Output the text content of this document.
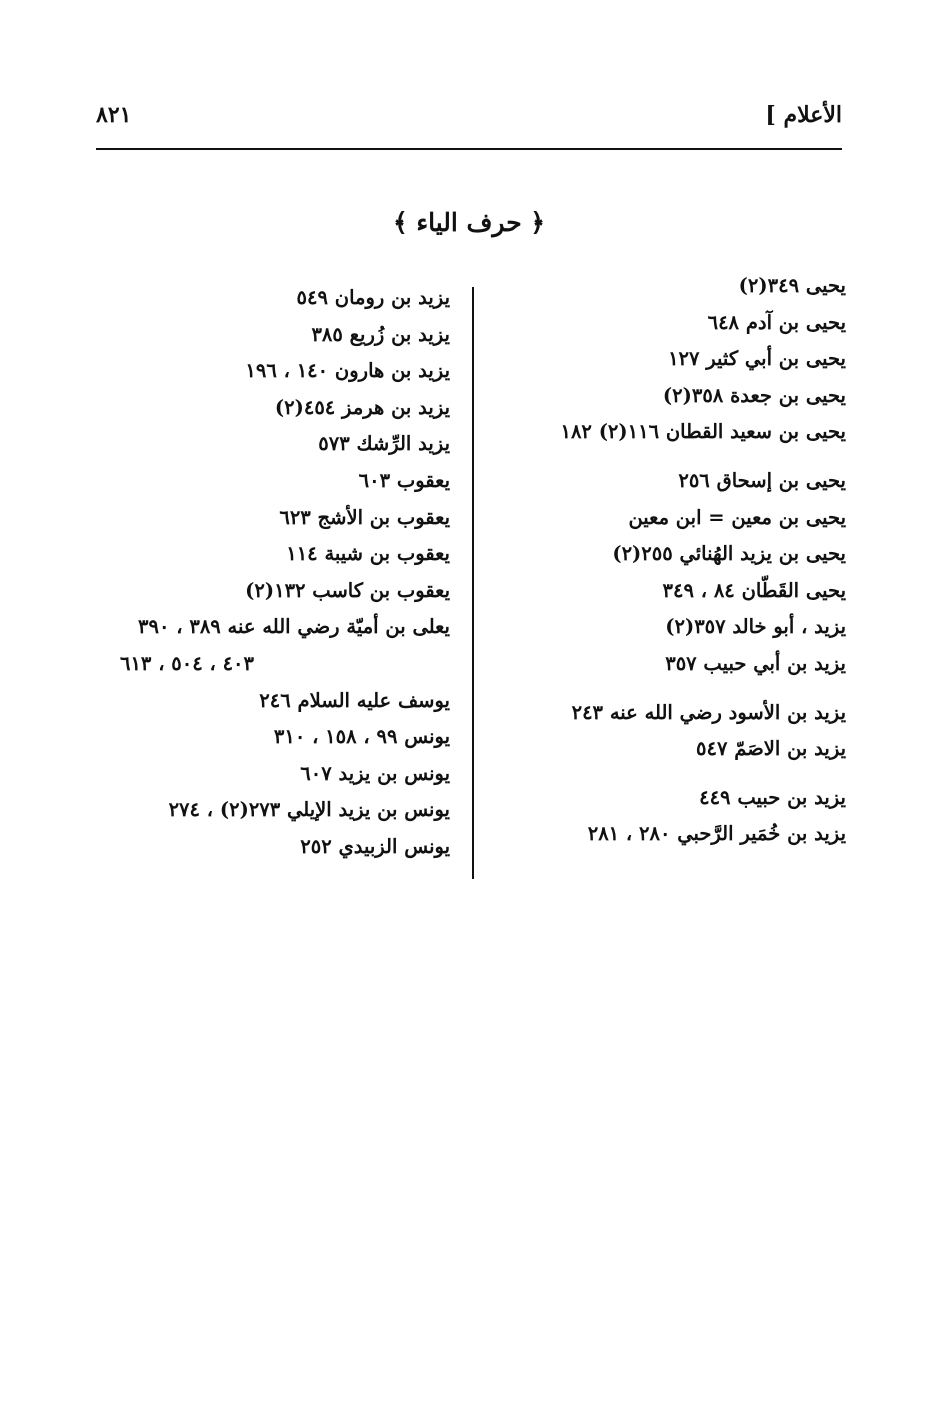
الأعلام ]
٨٢١
﴿ حرف الياء ﴾
يحيى ٣٤٩(٢)
يحيى بن آدم ٦٤٨
يحيى بن أبي كثير ١٢٧
يحيى بن جعدة ٣٥٨(٢)
يحيى بن سعيد القطان ١١٦(٢) ١٨٢
يحيى بن إسحاق ٢٥٦
يحيى بن معين = ابن معين
يحيى بن يزيد الهُنائي ٢٥٥(٢)
يحيى القَطّان ٨٤ ، ٣٤٩
يزيد ، أبو خالد ٣٥٧(٢)
يزيد بن أبي حبيب ٣٥٧
يزيد بن الأسود رضي الله عنه ٢٤٣
يزيد بن الاصَمّ ٥٤٧
يزيد بن حبيب ٤٤٩
يزيد بن خُمَير الرَّحبي ٢٨٠ ، ٢٨١
يزيد بن رومان ٥٤٩
يزيد بن زُريع ٣٨٥
يزيد بن هارون ١٤٠ ، ١٩٦
يزيد بن هرمز ٤٥٤(٢)
يزيد الرِّشك ٥٧٣
يعقوب ٦٠٣
يعقوب بن الأشج ٦٢٣
يعقوب بن شيبة ١١٤
يعقوب بن كاسب ١٣٢(٢)
يعلى بن أميّة رضي الله عنه ٣٨٩ ، ٣٩٠
٤٠٣ ، ٥٠٤ ، ٦١٣
يوسف عليه السلام ٢٤٦
يونس ٩٩ ، ١٥٨ ، ٣١٠
يونس بن يزيد ٦٠٧
يونس بن يزيد الإيلي ٢٧٣(٢) ، ٢٧٤
يونس الزبيدي ٢٥٢
